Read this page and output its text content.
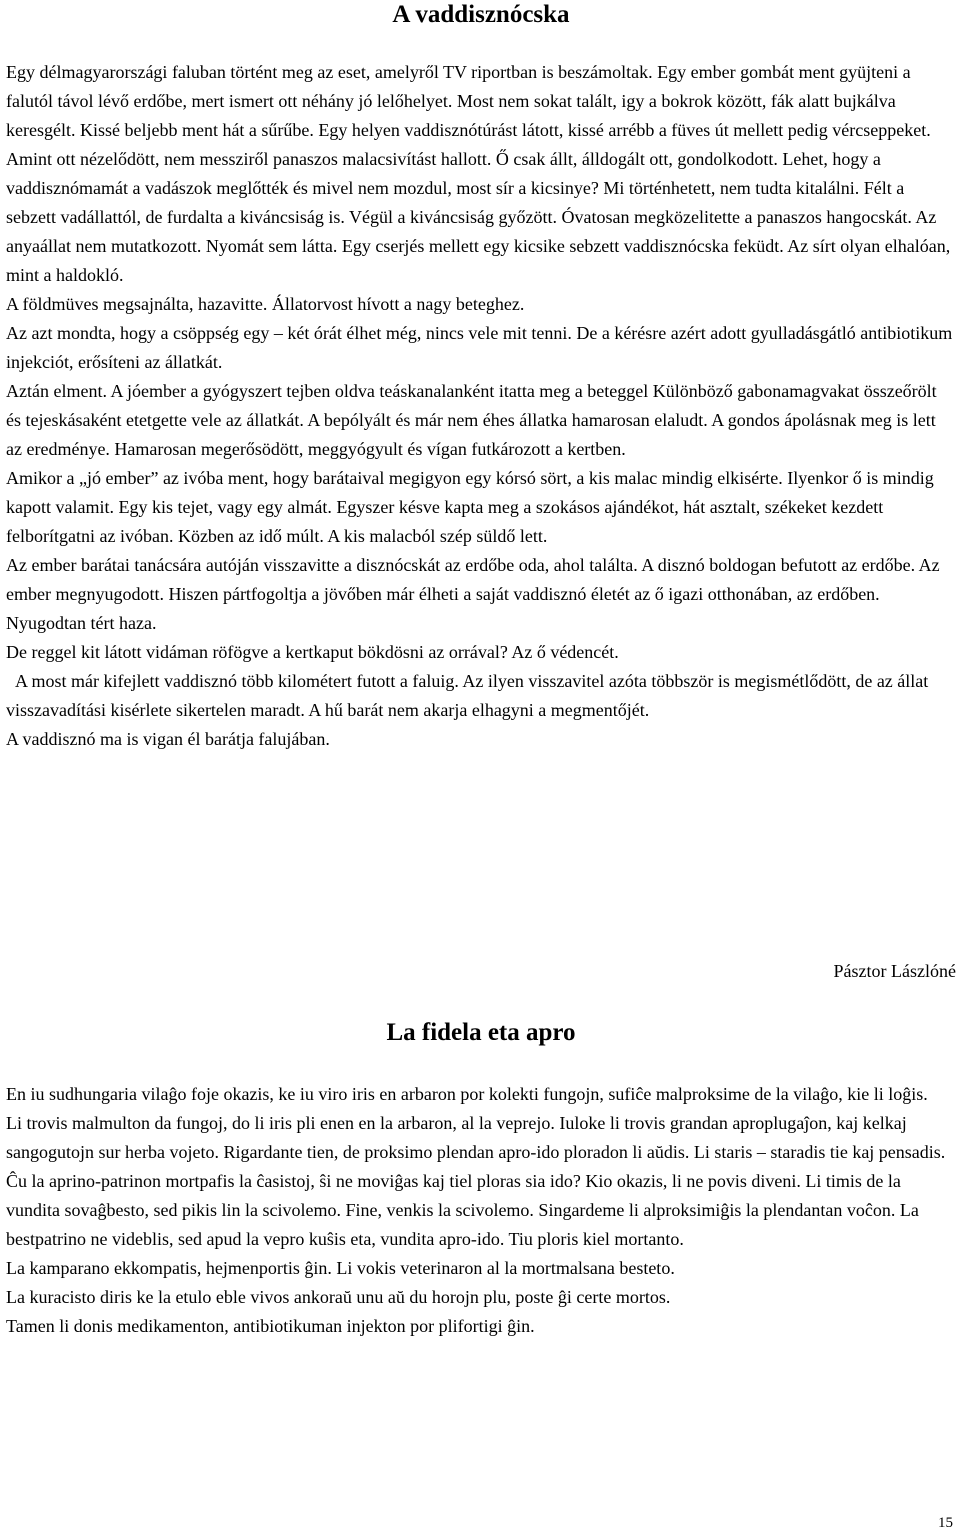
A vaddisznócska

Egy délmagyarországi faluban történt meg az eset, amelyről TV riportban is beszámoltak. Egy ember gombát ment gyüjteni a falutól távol lévő erdőbe, mert ismert ott néhány jó lelőhelyet. Most nem sokat talált, igy a bokrok között, fák alatt bujkálva keresgélt. Kissé beljebb ment hát a sűrűbe. Egy helyen vaddisznótúrást látott, kissé arrébb a füves út mellett pedig vércseppeket.

Amint ott nézelődött, nem messziről panaszos malacsivítást hallott. Ő csak állt, álldogált ott, gondolkodott. Lehet, hogy a vaddisznómamát a vadászok meglőtték és mivel nem mozdul, most sír a kicsinye? Mi történhetett, nem tudta kitalálni. Félt a sebzett vadállattól, de furdalta a kiváncsiság is. Végül a kiváncsiság győzött. Óvatosan megközelitette a panaszos hangocskát. Az anyaállat nem mutatkozott. Nyomát sem látta. Egy cserjés mellett egy kicsike sebzett vaddisznócska feküdt. Az sírt olyan elhalóan, mint a haldokló.

A földmüves megsajnálta, hazavitte. Állatorvost hívott a nagy beteghez.

Az azt mondta, hogy a csöppség egy – két órát élhet még, nincs vele mit tenni. De a kérésre azért adott gyulladásgátló antibiotikum injekciót, erősíteni az állatkát.

Aztán elment. A jóember a gyógyszert tejben oldva teáskanalanként itatta meg a beteggel Különböző gabonamagvakat összeőrölt és tejeskásaként etetgette vele az állatkát. A bepólyált és már nem éhes állatka hamarosan elaludt. A gondos ápolásnak meg is lett az eredménye. Hamarosan megerősödött, meggyógyult és vígan futkározott a kertben.

Amikor a „jó ember” az ivóba ment, hogy barátaival megigyon egy kórsó sört, a kis malac mindig elkisérte. Ilyenkor ő is mindig kapott valamit. Egy kis tejet, vagy egy almát. Egyszer késve kapta meg a szokásos ajándékot, hát asztalt, székeket kezdett felborítgatni az ivóban. Közben az idő múlt. A kis malacból szép süldő lett.

Az ember barátai tanácsára autóján visszavitte a disznócskát az erdőbe oda, ahol találta. A disznó boldogan befutott az erdőbe. Az ember megnyugodott. Hiszen pártfogoltja a jövőben már élheti a saját vaddisznó életét az ő igazi otthonában, az erdőben. Nyugodtan tért haza.

De reggel kit látott vidáman röfögve a kertkaput bökdösni az orrával? Az ő védencét.

A most már kifejlett vaddisznó több kilométert futott a faluig. Az ilyen visszavitel azóta többször is megismétlődött, de az állat visszavadítási kisérlete sikertelen maradt. A hű barát nem akarja elhagyni a megmentőjét.

A vaddisznó ma is vigan él barátja falujában.

Pásztor Lászlóné
La fidela eta apro

En iu sudhungaria vilaĝo foje okazis, ke iu viro iris en arbaron por kolekti fungojn, sufiĉe malproksime de la vilaĝo, kie li loĝis.

Li trovis malmulton da fungoj, do li iris pli enen en la arbaron, al la veprejo. Iuloke li trovis grandan aproplugaĵon, kaj kelkaj sangogutojn sur herba vojeto. Rigardante tien, de proksimo plendan apro-ido ploradon li aŭdis. Li staris – staradis tie kaj pensadis. Ĉu la aprino-patrinon mortpafis la ĉasistoj, ŝi ne moviĝas kaj tiel ploras sia ido? Kio okazis, li ne povis diveni. Li timis de la vundita sovaĝbesto, sed pikis lin la scivolemo. Fine, venkis la scivolemo. Singardeme li alproksimiĝis la plendantan voĉon. La bestpatrino ne videblis, sed apud la vepro kuŝis eta, vundita apro-ido. Tiu ploris kiel mortanto.

La kamparano ekkompatis, hejmenportis ĝin. Li vokis veterinaron al la mortmalsana besteto.

La kuracisto diris ke la etulo eble vivos ankoraŭ unu aŭ du horojn plu, poste ĝi certe mortos.

Tamen li donis medikamenton, antibiotikuman injekton por plifortigi ĝin.

15
